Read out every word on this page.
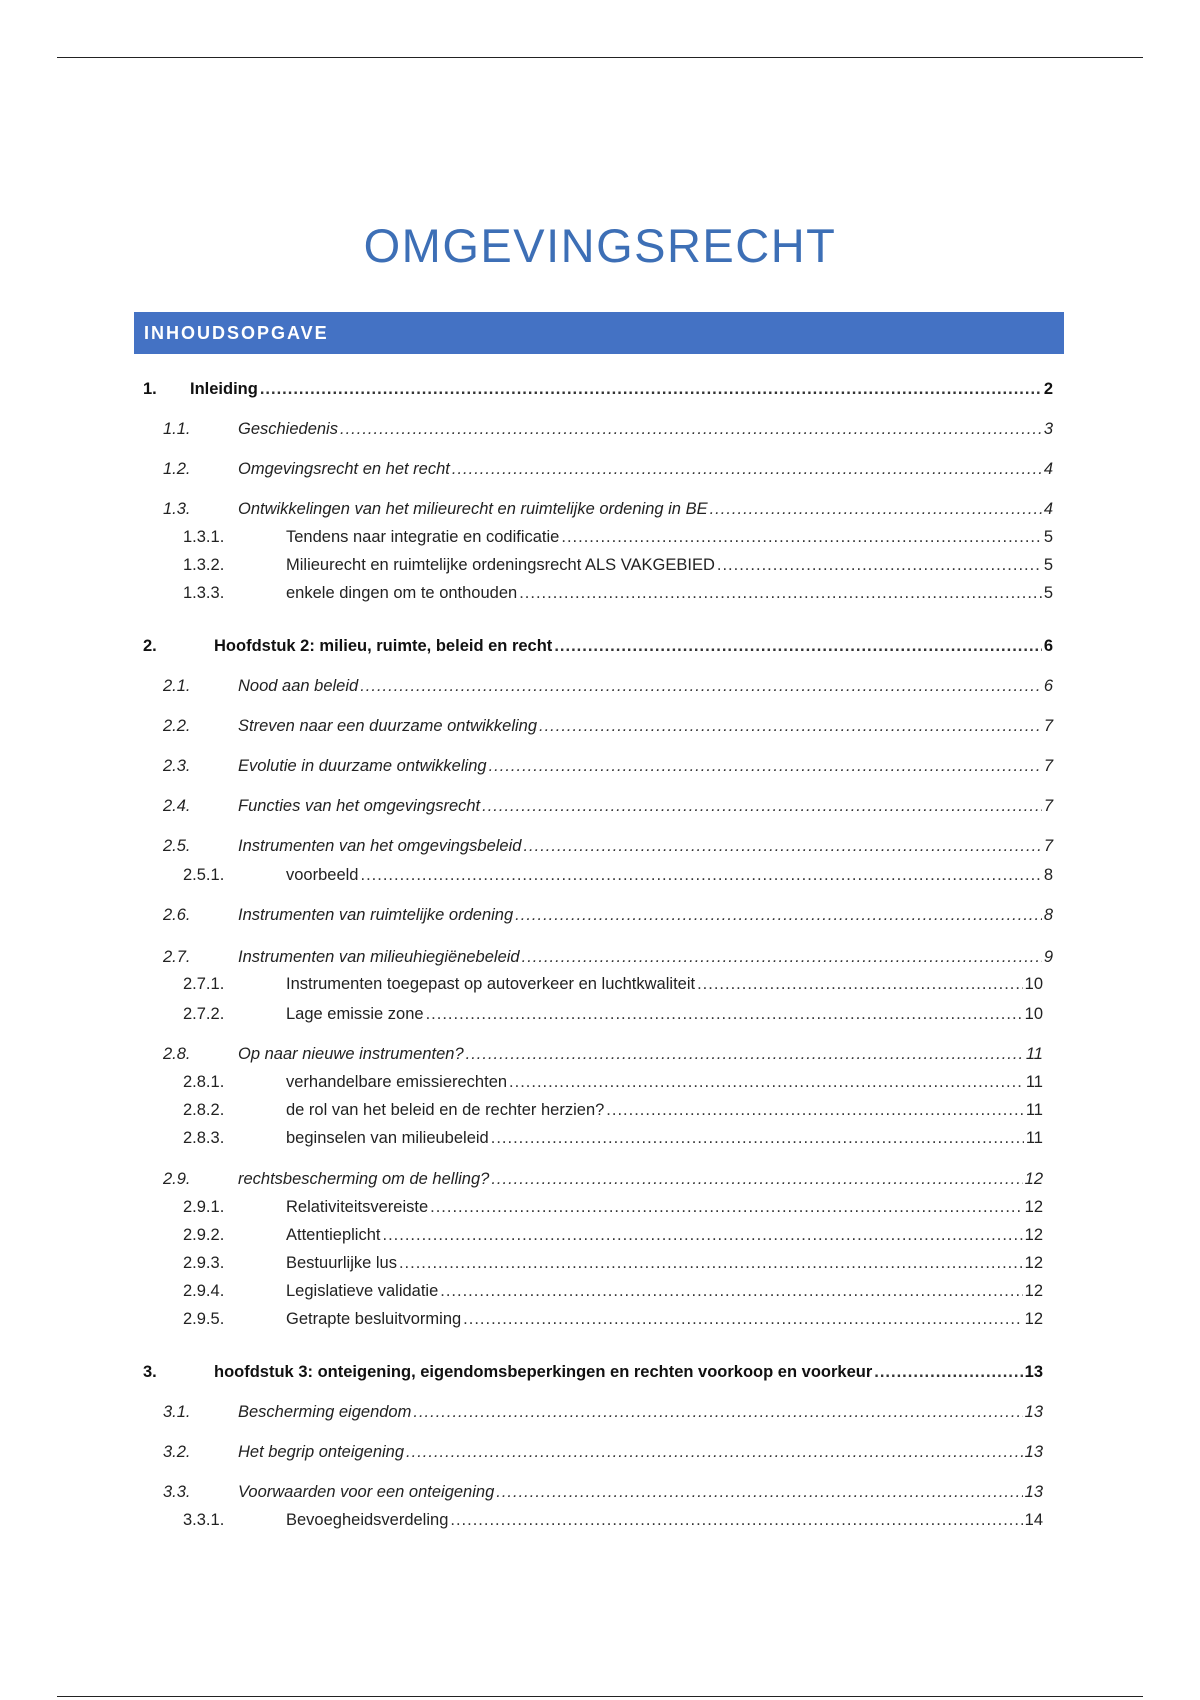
OMGEVINGSRECHT
INHOUDSOPGAVE
1. Inleiding .....	2
1.1.	Geschiedenis .....	3
1.2.	Omgevingsrecht en het recht .....	4
1.3.	Ontwikkelingen van het milieurecht en ruimtelijke ordening in BE .....	4
1.3.1.	Tendens naar integratie en codificatie .....	5
1.3.2.	Milieurecht en ruimtelijke ordeningsrecht ALS VAKGEBIED .....	5
1.3.3.	enkele dingen om te onthouden .....	5
2.	Hoofdstuk 2: milieu, ruimte, beleid en recht .....	6
2.1.	Nood aan beleid .....	6
2.2.	Streven naar een duurzame ontwikkeling .....	7
2.3.	Evolutie in duurzame ontwikkeling .....	7
2.4.	Functies van het omgevingsrecht .....	7
2.5.	Instrumenten van het omgevingsbeleid .....	7
2.5.1.	voorbeeld .....	8
2.6.	Instrumenten van ruimtelijke ordening .....	8
2.7.	Instrumenten van milieuhiegiënebeleid .....	9
2.7.1.	Instrumenten toegepast op autoverkeer en luchtkwaliteit .....	10
2.7.2.	Lage emissie zone .....	10
2.8.	Op naar nieuwe instrumenten? .....	11
2.8.1.	verhandelbare emissierechten .....	11
2.8.2.	de rol van het beleid en de rechter herzien? .....	11
2.8.3.	beginselen van milieubeleid .....	11
2.9.	rechtsbescherming om de helling? .....	12
2.9.1.	Relativiteitsvereiste .....	12
2.9.2.	Attentieplicht .....	12
2.9.3.	Bestuurlijke lus .....	12
2.9.4.	Legislatieve validatie .....	12
2.9.5.	Getrapte besluitvorming .....	12
3.	hoofdstuk 3: onteigening, eigendomsbeperkingen en rechten voorkoop en voorkeur .....	13
3.1.	Bescherming eigendom .....	13
3.2.	Het begrip onteigening .....	13
3.3.	Voorwaarden voor een onteigening .....	13
3.3.1.	Bevoegheidsverdeling .....	14
